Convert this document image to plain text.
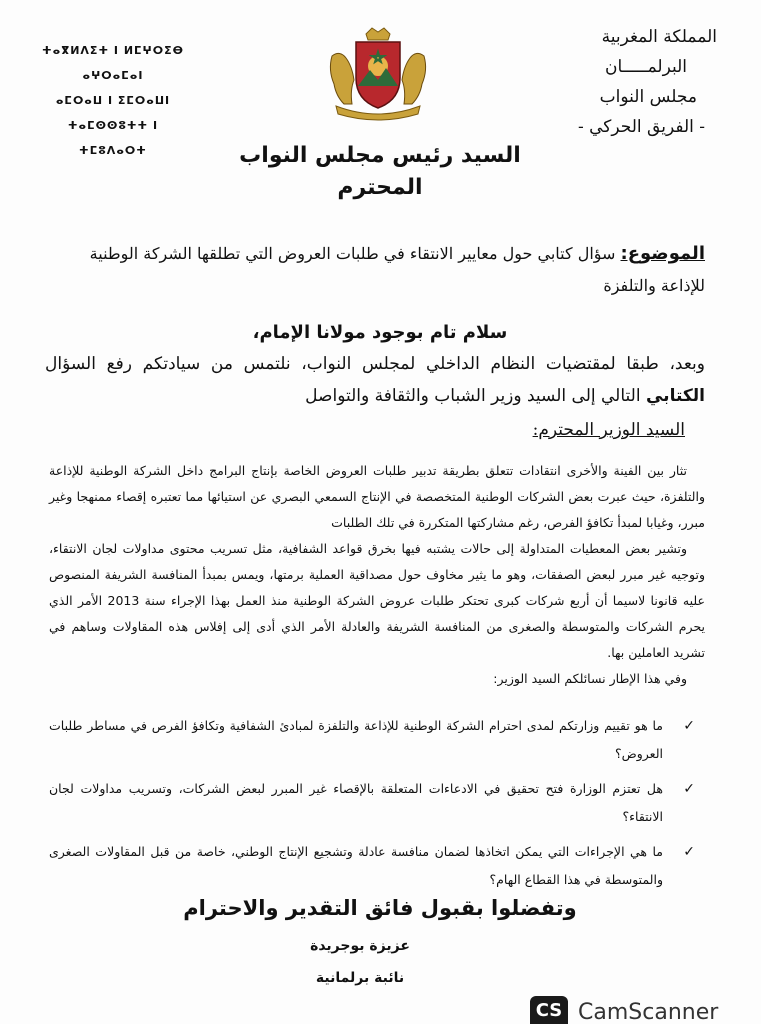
المملكة المغربية
البرلمـــــان
مجلس النواب
- الفريق الحركي -
ⵜⴰⴳⵍⴷⵉⵜ ⵏ ⵍⵎⵖⵔⵉⴱ
ⴰⵖⵔⴰⵎⴰⵏ
ⴰⵎⵔⴰⵡ ⵏ ⵉⵎⵔⴰⵡⵏ
ⵜⴰⵎⵙⵙⵓⵜⵜ ⵏ ⵜⵎⵓⴷⴰⵔⵜ	السيد رئيس مجلس النواب
المحترم
الموضوع: سؤال كتابي حول معايير الانتقاء في طلبات العروض التي تطلقها الشركة الوطنية للإذاعة والتلفزة
سلام تام بوجود مولانا الإمام،
وبعد، طبقا لمقتضيات النظام الداخلي لمجلس النواب، نلتمس من سيادتكم رفع السؤال الكتابي التالي إلى السيد وزير الشباب والثقافة والتواصل
السيد الوزير المحترم:

تثار بين الفينة والأخرى انتقادات تتعلق بطريقة تدبير طلبات العروض الخاصة بإنتاج البرامج داخل الشركة الوطنية للإذاعة والتلفزة، حيث عبرت بعض الشركات الوطنية المتخصصة في الإنتاج السمعي البصري عن استيائها مما تعتبره إقصاء ممنهجا وغير مبرر، وغيابا لمبدأ تكافؤ الفرص، رغم مشاركتها المتكررة في تلك الطلبات

وتشير بعض المعطيات المتداولة إلى حالات يشتبه فيها بخرق قواعد الشفافية، مثل تسريب محتوى مداولات لجان الانتقاء، وتوجيه غير مبرر لبعض الصفقات، وهو ما يثير مخاوف حول مصداقية العملية برمتها، ويمس بمبدأ المنافسة الشريفة المنصوص عليه قانونا لاسيما أن أربع شركات كبرى تحتكر طلبات عروض الشركة الوطنية منذ العمل بهذا الإجراء سنة 2013 الأمر الذي يحرم الشركات والمتوسطة والصغرى من المنافسة الشريفة والعادلة الأمر الذي أدى إلى إفلاس هذه المقاولات وساهم في تشريد العاملين بها.

وفي هذا الإطار نسائلكم السيد الوزير:

✓
ما هو تقييم وزارتكم لمدى احترام الشركة الوطنية للإذاعة والتلفزة لمبادئ الشفافية وتكافؤ الفرص في مساطر طلبات العروض؟
✓
هل تعتزم الوزارة فتح تحقيق في الادعاءات المتعلقة بالإقصاء غير المبرر لبعض الشركات، وتسريب مداولات لجان الانتقاء؟
✓
ما هي الإجراءات التي يمكن اتخاذها لضمان منافسة عادلة وتشجيع الإنتاج الوطني، خاصة من قبل المقاولات الصغرى والمتوسطة في هذا القطاع الهام؟
وتفضلوا بقبول فائق التقدير والاحترام
عزيزة بوجريدة
نائبة برلمانية
CS CamScanner
